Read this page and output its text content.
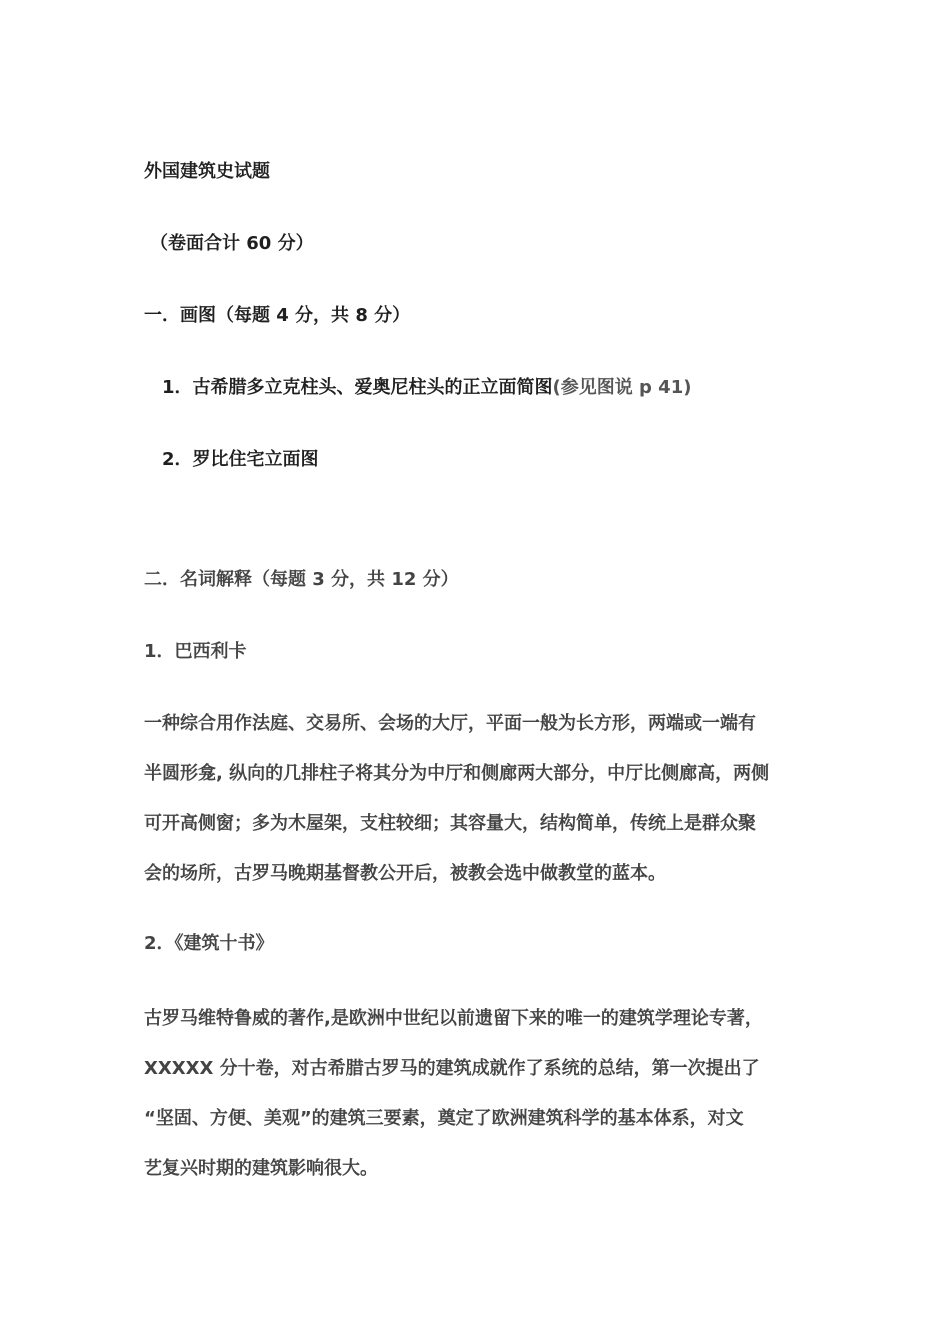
外国建筑史试题
（卷面合计 60 分）
一．画图（每题 4 分，共 8 分）
1．古希腊多立克柱头、爱奥尼柱头的正立面简图(参见图说 p 41)
2．罗比住宅立面图
二．名词解释（每题 3 分，共 12 分）
1．巴西利卡
一种综合用作法庭、交易所、会场的大厅，平面一般为长方形，两端或一端有
半圆形龛, 纵向的几排柱子将其分为中厅和侧廊两大部分，中厅比侧廊高，两侧
可开高侧窗；多为木屋架，支柱较细；其容量大，结构简单，传统上是群众聚
会的场所，古罗马晚期基督教公开后，被教会选中做教堂的蓝本。
2．《建筑十书》
古罗马维特鲁威的著作,是欧洲中世纪以前遗留下来的唯一的建筑学理论专著，
XXXXX 分十卷，对古希腊古罗马的建筑成就作了系统的总结，第一次提出了
“坚固、方便、美观”的建筑三要素，奠定了欧洲建筑科学的基本体系，对文
艺复兴时期的建筑影响很大。
